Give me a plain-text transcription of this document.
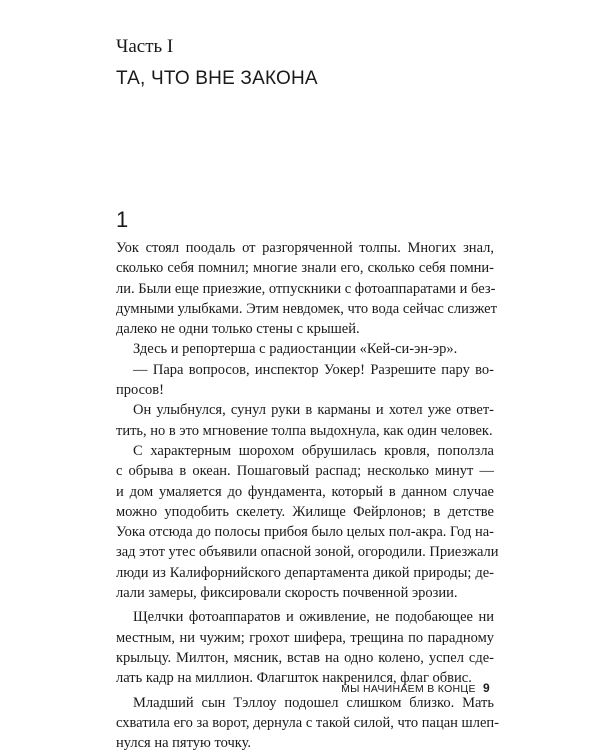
Часть I
ТА, ЧТО ВНЕ ЗАКОНА
1
Уок стоял поодаль от разгоряченной толпы. Многих знал,
сколько себя помнил; многие знали его, сколько себя помни-
ли. Были еще приезжие, отпускники с фотоаппаратами и без-
думными улыбками. Этим невдомек, что вода сейчас слизжет
далеко не одни только стены с крышей.
Здесь и репортерша с радиостанции «Кей-си-эн-эр».
— Пара вопросов, инспектор Уокер! Разрешите пару во-
просов!
Он улыбнулся, сунул руки в карманы и хотел уже ответ-
тить, но в это мгновение толпа выдохнула, как один человек.
С характерным шорохом обрушилась кровля, поползла
с обрыва в океан. Пошаговый распад; несколько минут —
и дом умаляется до фундамента, который в данном случае
можно уподобить скелету. Жилище Фейрлонов; в детстве
Уока отсюда до полосы прибоя было целых пол-акра. Год на-
зад этот утес объявили опасной зоной, огородили. Приезжали
люди из Калифорнийского департамента дикой природы; де-
лали замеры, фиксировали скорость почвенной эрозии.
Щелчки фотоаппаратов и оживление, не подобающее ни
местным, ни чужим; грохот шифера, трещина по парадному
крыльцу. Милтон, мясник, встав на одно колено, успел сде-
лать кадр на миллион. Флагшток накренился, флаг обвис.
Младший сын Тэллоу подошел слишком близко. Мать
схватила его за ворот, дернула с такой силой, что пацан шлеп-
нулся на пятую точку.
МЫ НАЧИНАЕМ В КОНЦЕ 9
